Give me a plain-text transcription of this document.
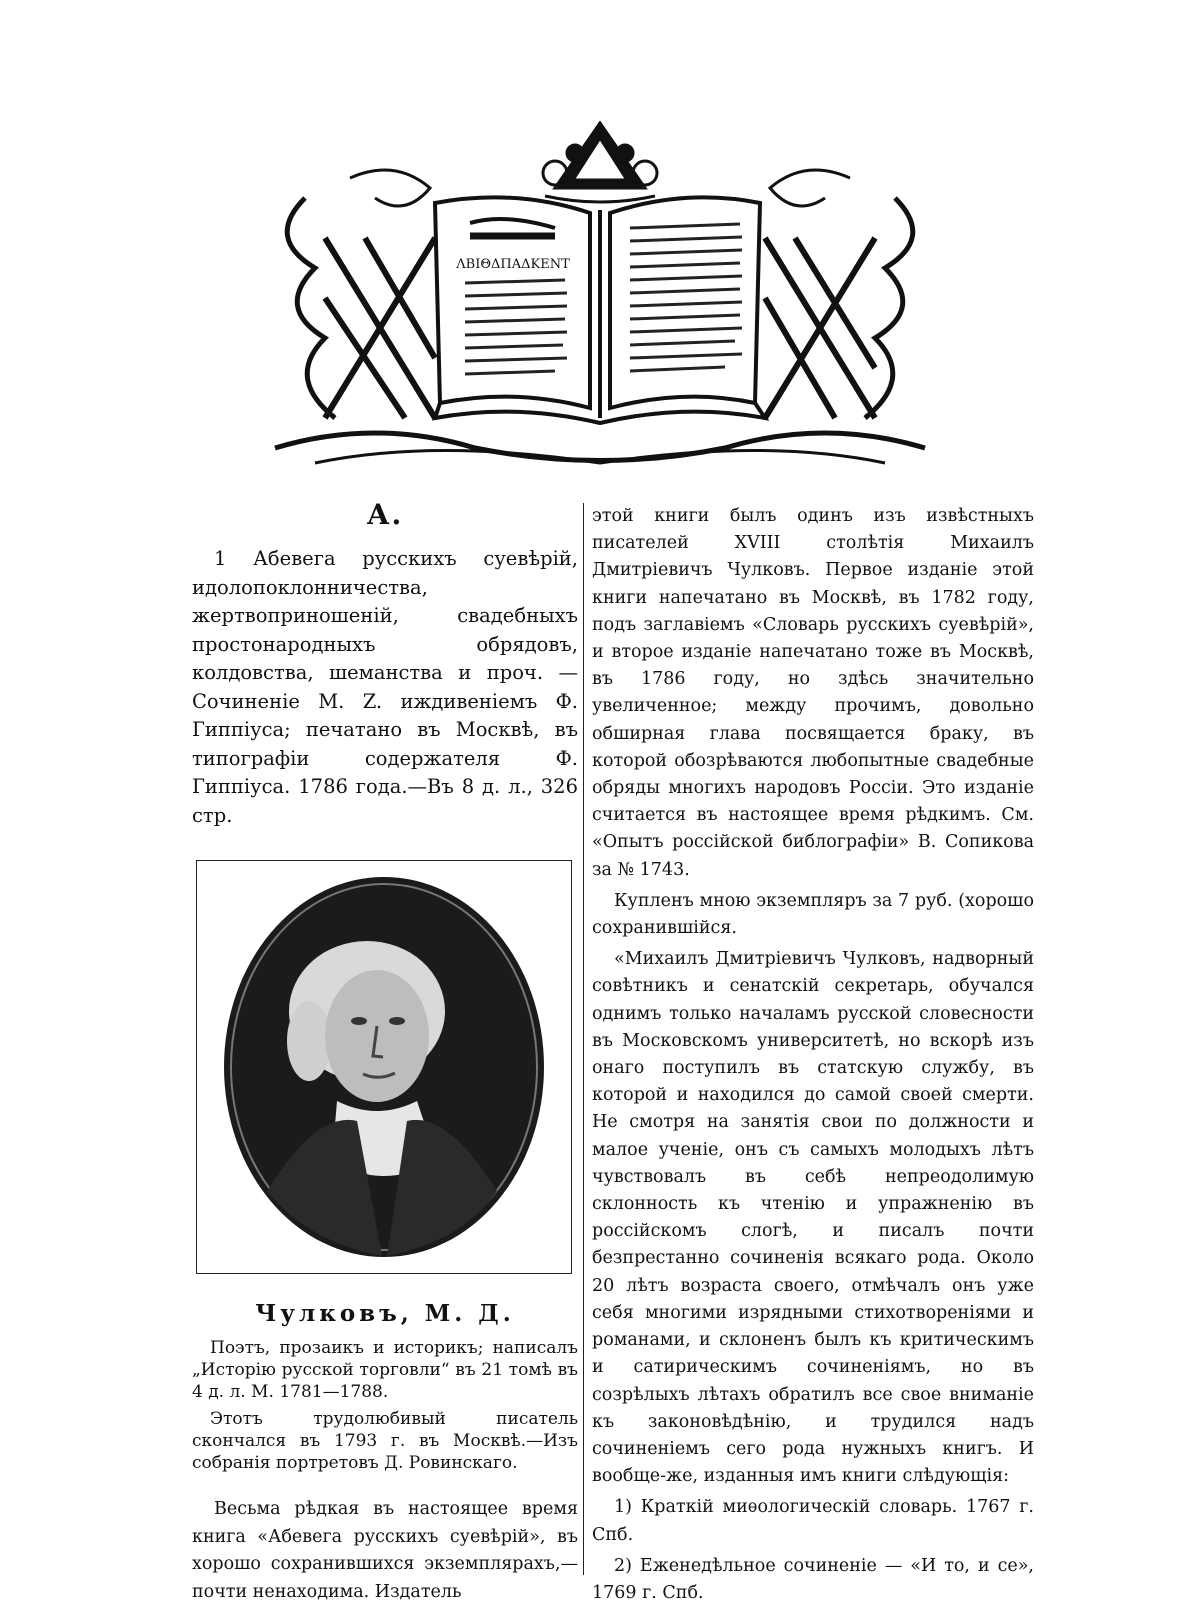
ΛΒΙΘΔΠΑΔΚΕΝΤ
А.

1 Абевега русскихъ суевѣрій, идолопоклонничества, жертвоприношеній, свадебныхъ простонародныхъ обрядовъ, колдовства, шеманства и проч. — Сочиненіе М. Z. иждивеніемъ Ф. Гиппіуса; печатано въ Москвѣ, въ типографіи содержателя Ф. Гиппіуса. 1786 года.—Въ 8 д. л., 326 стр.

Чулковъ, М. Д.

Поэтъ, прозаикъ и историкъ; написалъ „Исторію русской торговли“ въ 21 томѣ въ 4 д. л. М. 1781—1788.

Этотъ трудолюбивый писатель скончался въ 1793 г. въ Москвѣ.—Изъ собранія портретовъ Д. Ровинскаго.

Весьма рѣдкая въ настоящее время книга «Абевега русскихъ суевѣрій», въ хорошо сохранившихся экземплярахъ,—почти ненаходима. Издатель

этой книги былъ одинъ изъ извѣстныхъ писателей XVIII столѣтія Михаилъ Дмитріевичъ Чулковъ. Первое изданіе этой книги напечатано въ Москвѣ, въ 1782 году, подъ заглавіемъ «Словарь русскихъ суевѣрій», и второе изданіе напечатано тоже въ Москвѣ, въ 1786 году, но здѣсь значительно увеличенное; между прочимъ, довольно обширная глава посвящается браку, въ которой обозрѣваются любопытные свадебные обряды многихъ народовъ Россіи. Это изданіе считается въ настоящее время рѣдкимъ. См. «Опытъ россійской библографіи» В. Сопикова за № 1743.

Купленъ мною экземпляръ за 7 руб. (хорошо сохранившійся.

«Михаилъ Дмитріевичъ Чулковъ, надворный совѣтникъ и сенатскій секретарь, обучался однимъ только началамъ русской словесности въ Московскомъ университетѣ, но вскорѣ изъ онаго поступилъ въ статскую службу, въ которой и находился до самой своей смерти. Не смотря на занятія свои по должности и малое ученіе, онъ съ самыхъ молодыхъ лѣтъ чувствовалъ въ себѣ непреодолимую склонность къ чтенію и упражненію въ россійскомъ слогѣ, и писалъ почти безпрестанно сочиненія всякаго рода. Около 20 лѣтъ возраста своего, отмѣчалъ онъ уже себя многими изрядными стихотвореніями и романами, и склоненъ былъ къ критическимъ и сатирическимъ сочиненіямъ, но въ созрѣлыхъ лѣтахъ обратилъ все свое вниманіе къ законовѣдѣнію, и трудился надъ сочиненіемъ сего рода нужныхъ книгъ. И вообще-же, изданныя имъ книги слѣдующія:

1) Краткій миѳологическій словарь. 1767 г. Спб.

2) Еженедѣльное сочиненіе — «И то, и се», 1769 г. Спб.
